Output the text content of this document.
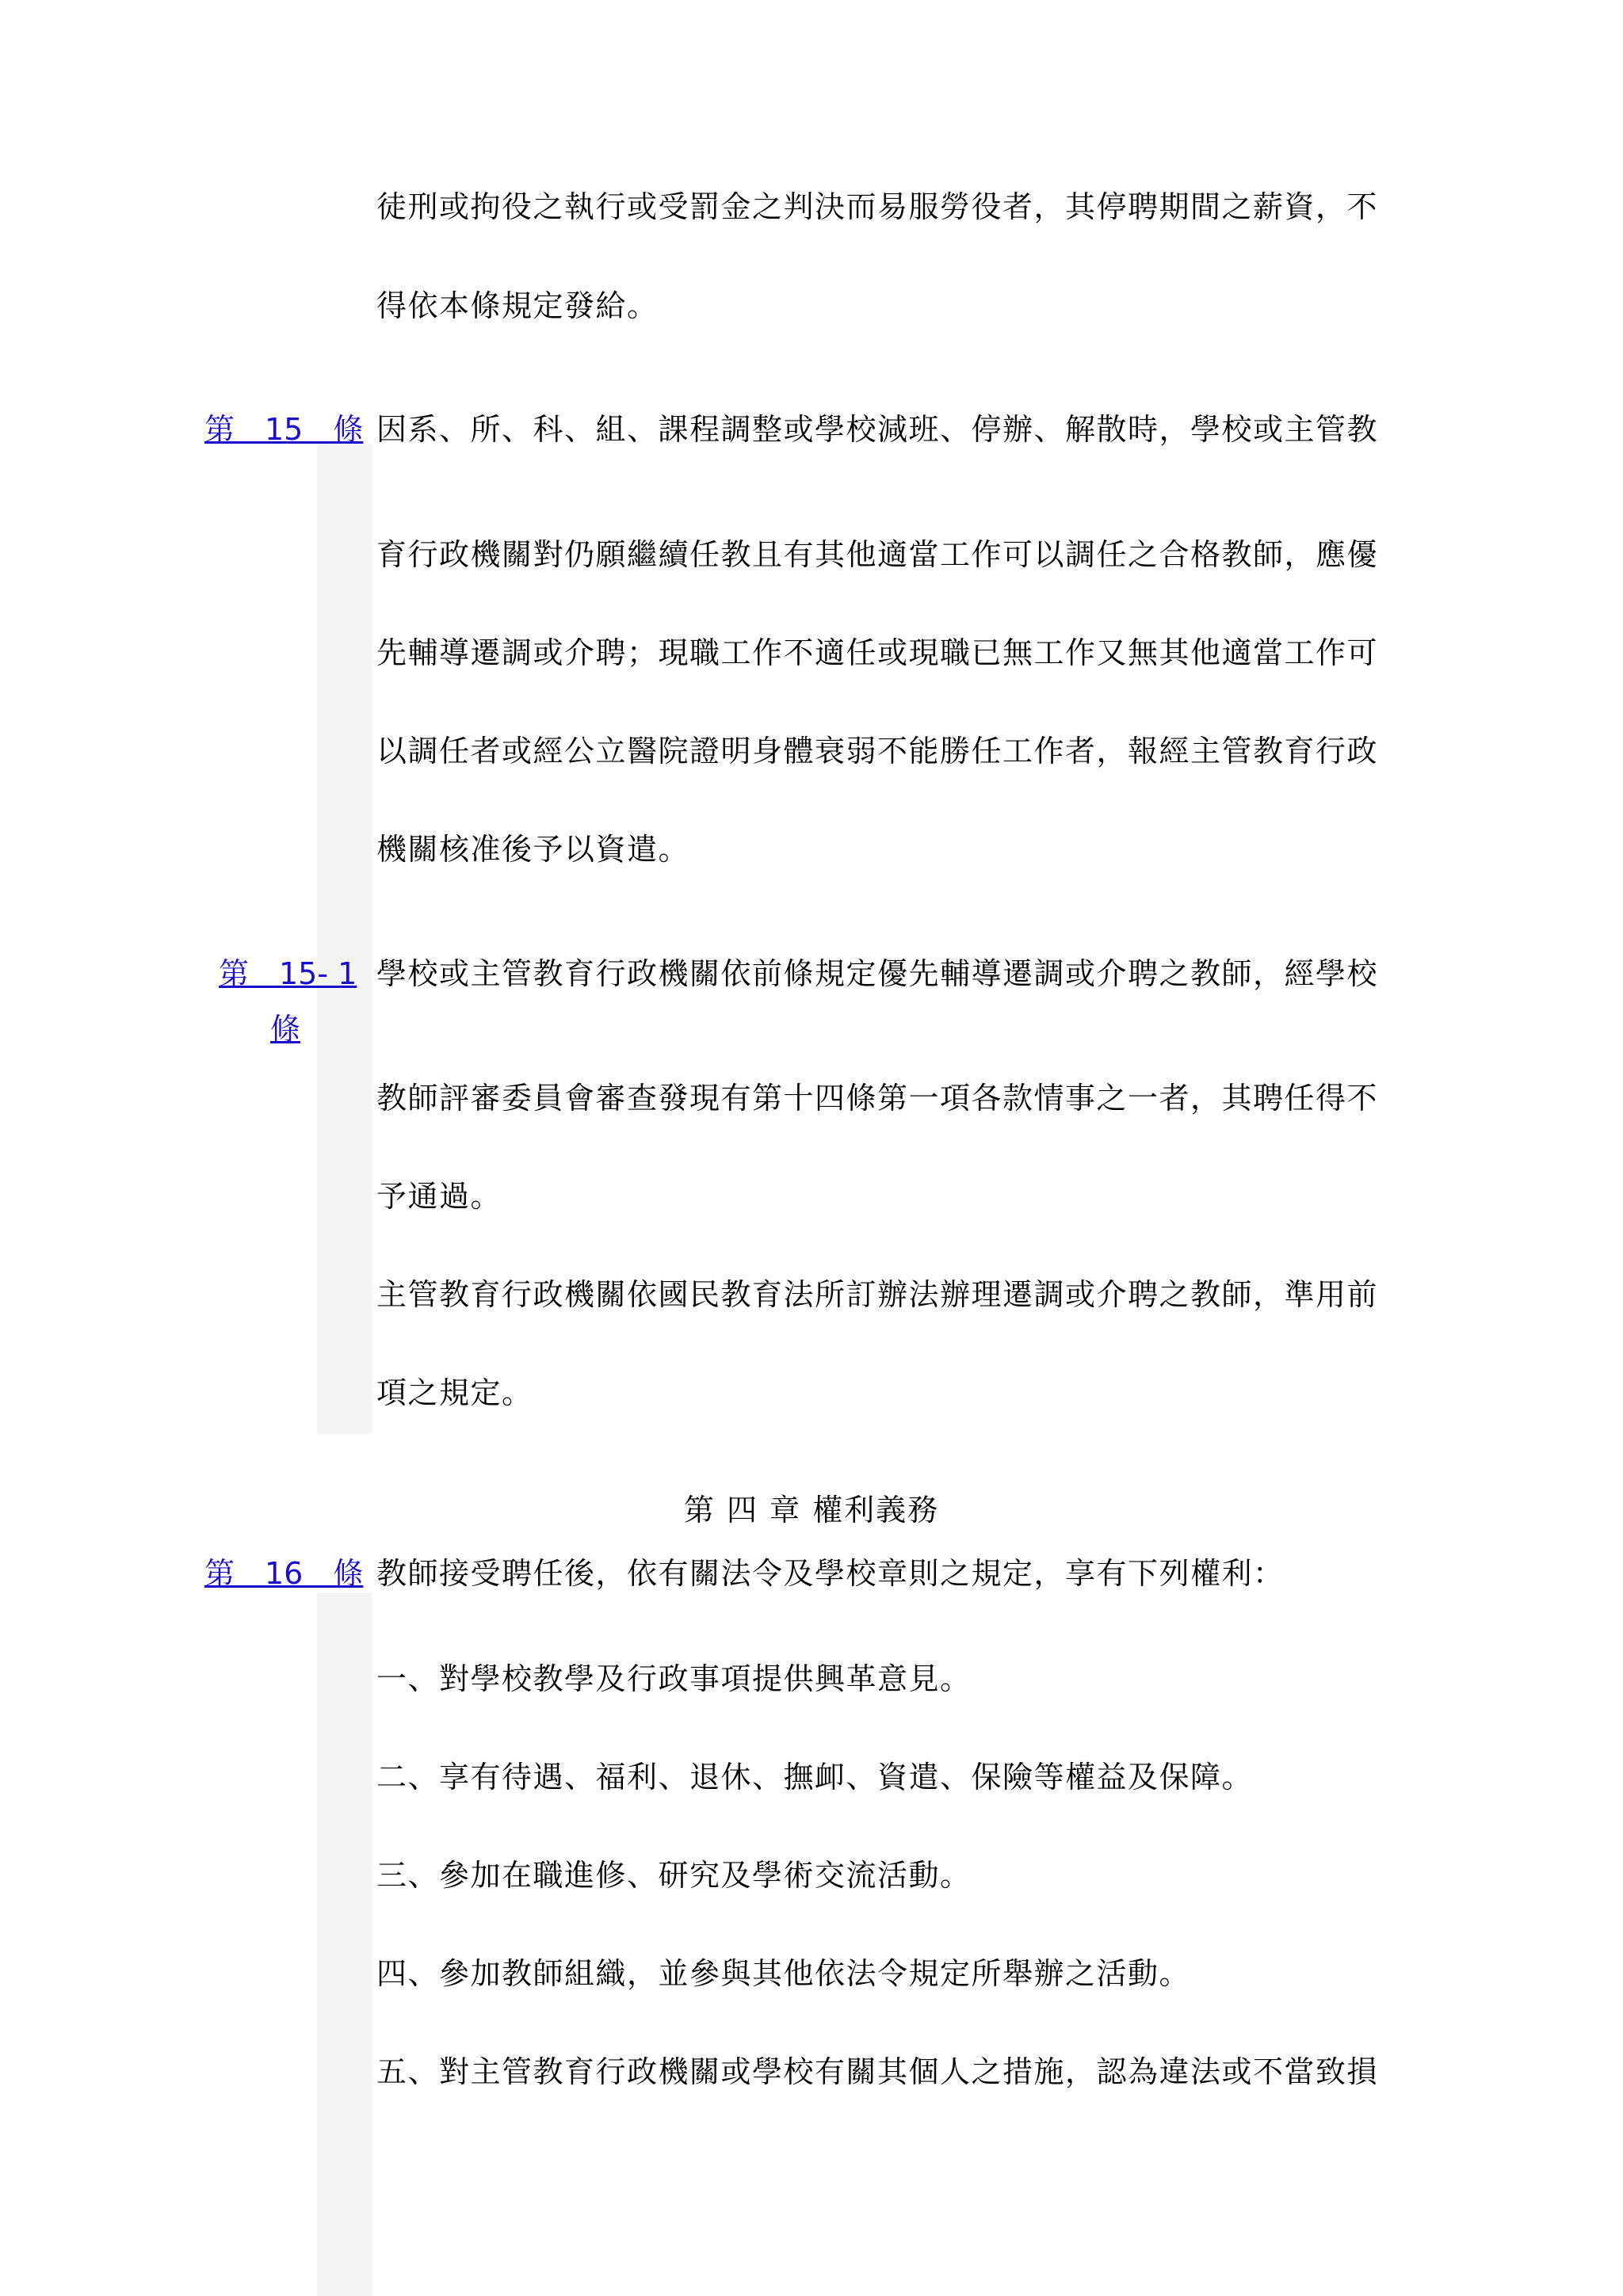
徒刑或拘役之執行或受罰金之判決而易服勞役者，其停聘期間之薪資，不
得依本條規定發給。
第　15　條 因系、所、科、組、課程調整或學校減班、停辦、解散時，學校或主管教
育行政機關對仍願繼續任教且有其他適當工作可以調任之合格教師，應優
先輔導遷調或介聘；現職工作不適任或現職已無工作又無其他適當工作可
以調任者或經公立醫院證明身體衰弱不能勝任工作者，報經主管教育行政
機關核准後予以資遣。
第　15- 1
條
學校或主管教育行政機關依前條規定優先輔導遷調或介聘之教師，經學校
教師評審委員會審查發現有第十四條第一項各款情事之一者，其聘任得不
予通過。
主管教育行政機關依國民教育法所訂辦法辦理遷調或介聘之教師，準用前
項之規定。
第 四 章 權利義務
第　16　條 教師接受聘任後，依有關法令及學校章則之規定，享有下列權利：
一、對學校教學及行政事項提供興革意見。
二、享有待遇、福利、退休、撫卹、資遣、保險等權益及保障。
三、參加在職進修、研究及學術交流活動。
四、參加教師組織，並參與其他依法令規定所舉辦之活動。
五、對主管教育行政機關或學校有關其個人之措施，認為違法或不當致損
